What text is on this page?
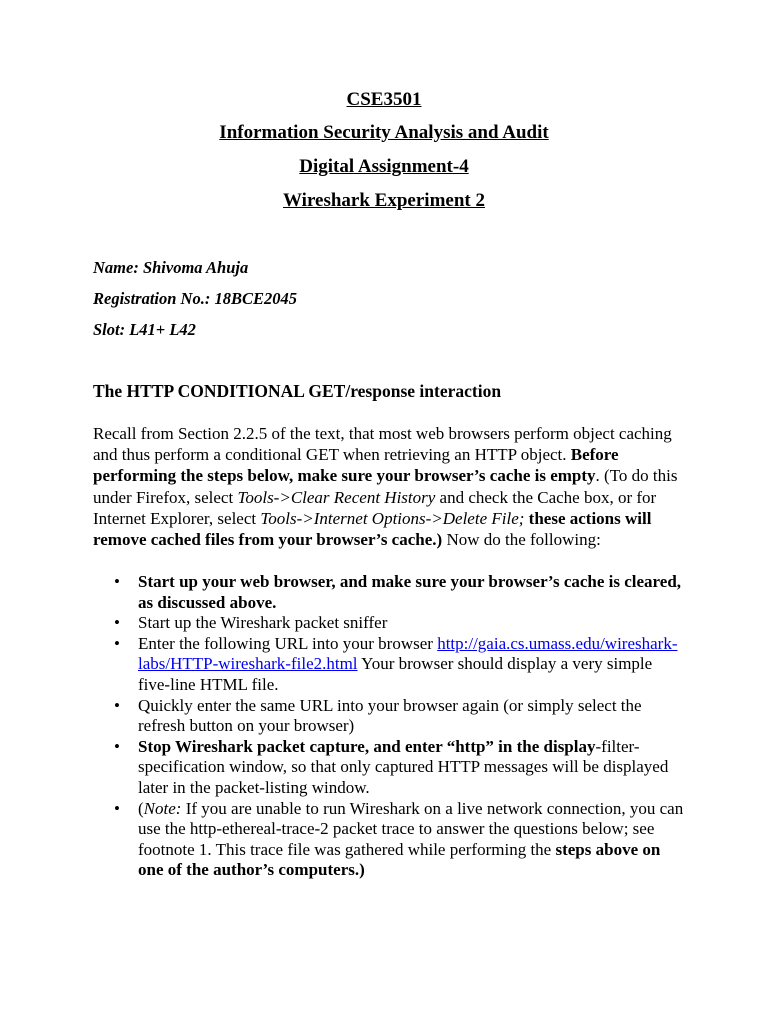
CSE3501
Information Security Analysis and Audit
Digital Assignment-4
Wireshark Experiment 2
Name: Shivoma Ahuja
Registration No.: 18BCE2045
Slot: L41+ L42
The HTTP CONDITIONAL GET/response interaction
Recall from Section 2.2.5 of the text, that most web browsers perform object caching and thus perform a conditional GET when retrieving an HTTP object. Before performing the steps below, make sure your browser’s cache is empty. (To do this under Firefox, select Tools->Clear Recent History and check the Cache box, or for Internet Explorer, select Tools->Internet Options->Delete File; these actions will remove cached files from your browser’s cache.) Now do the following:
• Start up your web browser, and make sure your browser’s cache is cleared, as discussed above.
• Start up the Wireshark packet sniffer
• Enter the following URL into your browser http://gaia.cs.umass.edu/wireshark-labs/HTTP-wireshark-file2.html Your browser should display a very simple five-line HTML file.
• Quickly enter the same URL into your browser again (or simply select the refresh button on your browser)
• Stop Wireshark packet capture, and enter “http” in the display-filter-specification window, so that only captured HTTP messages will be displayed later in the packet-listing window.
• (Note: If you are unable to run Wireshark on a live network connection, you can use the http-ethereal-trace-2 packet trace to answer the questions below; see footnote 1. This trace file was gathered while performing the steps above on one of the author’s computers.)
